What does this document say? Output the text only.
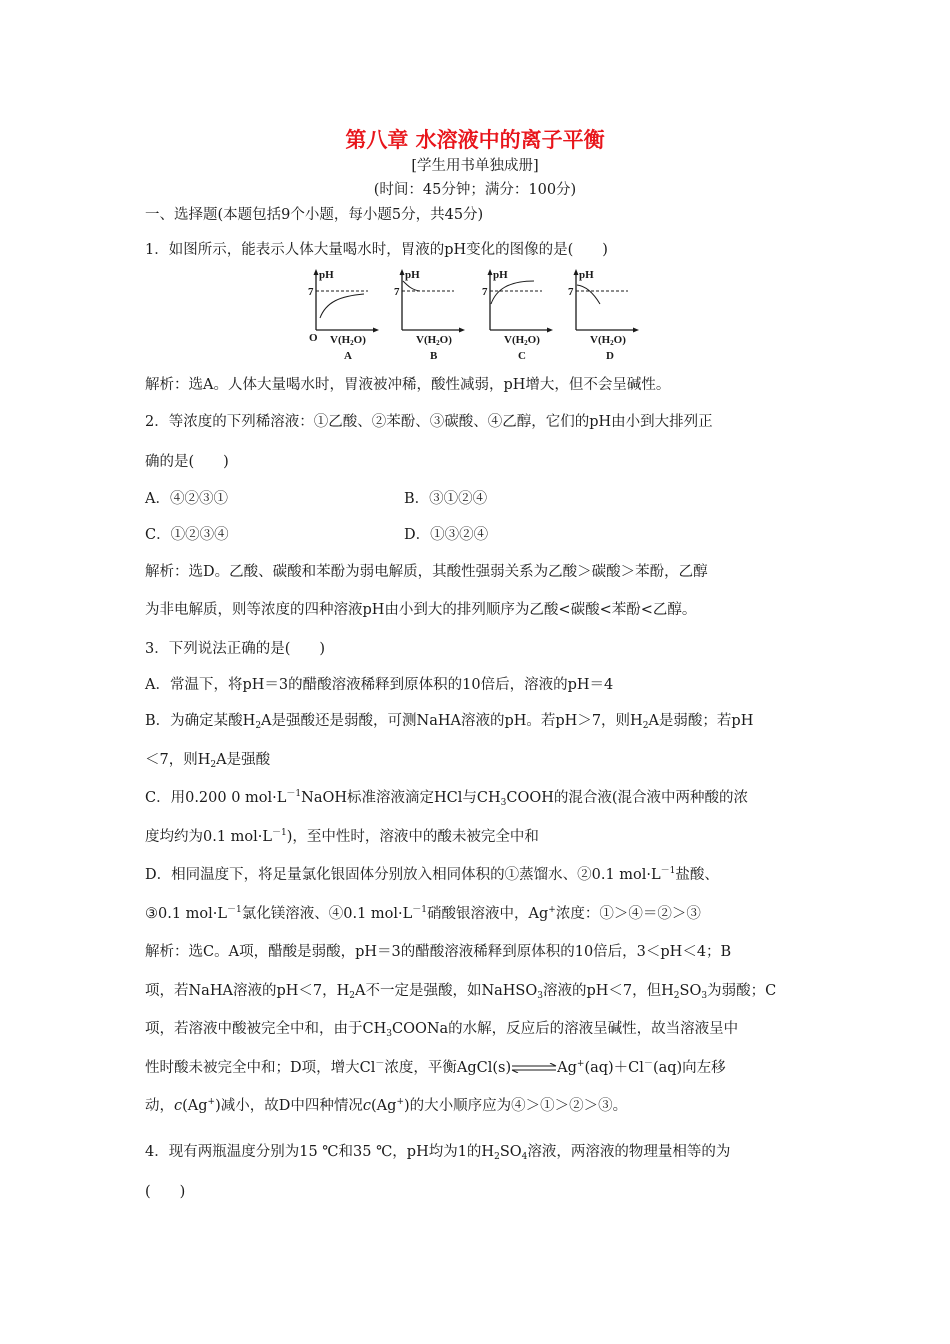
第八章 水溶液中的离子平衡
[学生用书单独成册]
(时间：45分钟；满分：100分)
一、选择题(本题包括9个小题，每小题5分，共45分)
1．如图所示，能表示人体大量喝水时，胃液的pH变化的图像的是(　　)
pH
7
O V(H2O)
A
pH
7
V(H2O)
B
pH
7
V(H2O)
C
pH
7
V(H2O)
D
解析：选A。人体大量喝水时，胃液被冲稀，酸性减弱，pH增大，但不会呈碱性。
2．等浓度的下列稀溶液：①乙酸、②苯酚、③碳酸、④乙醇，它们的pH由小到大排列正
确的是(　　)
A．④②③①	B．③①②④
C．①②③④	D．①③②④
解析：选D。乙酸、碳酸和苯酚为弱电解质，其酸性强弱关系为乙酸＞碳酸＞苯酚，乙醇
为非电解质，则等浓度的四种溶液pH由小到大的排列顺序为乙酸<碳酸<苯酚<乙醇。
3．下列说法正确的是(　　)
A．常温下，将pH＝3的醋酸溶液稀释到原体积的10倍后，溶液的pH＝4
B．为确定某酸$H_2A$是强酸还是弱酸，可测NaHA溶液的pH。若pH＞7，则$H_2A$是弱酸；若pH
＜7，则$H_2A$是强酸
C．用0.200 0 $mol\cdot L^{-1}NaOH$标准溶液滴定HCl与$CH_3COOH$的混合液(混合液中两种酸的浓
度均约为0.1 $mol\cdot L^{-1}$)，至中性时，溶液中的酸未被完全中和
D．相同温度下，将足量氯化银固体分别放入相同体积的①蒸馏水、②0.1 $mol\cdot L^{-1}$盐酸、
③0.1 $mol\cdot L^{-1}$氯化镁溶液、④0.1 $mol\cdot L^{-1}$硝酸银溶液中，Ag+浓度：①＞④＝②＞③
解析：选C。A项，醋酸是弱酸，pH＝3的醋酸溶液稀释到原体积的10倍后，3＜pH＜4；B
项，若NaHA溶液的pH＜7，$H_2A$不一定是强酸，如NaHSO$_3$溶液的pH＜7，但$H_2SO_3$为弱酸；C
项，若溶液中酸被完全中和，由于$CH_3COONa$的水解，反应后的溶液呈碱性，故当溶液呈中
性时酸未被完全中和；D项，增大Cl－浓度，平衡AgCl(s)⇌Ag+(aq)＋Cl－(aq)向左移
动，c(Ag+)减小，故D中四种情况c(Ag+)的大小顺序应为④＞①＞②＞③。
4．现有两瓶温度分别为15 ℃和35 ℃，pH均为1的$H_2SO_4$溶液，两溶液的物理量相等的为
(　　)
